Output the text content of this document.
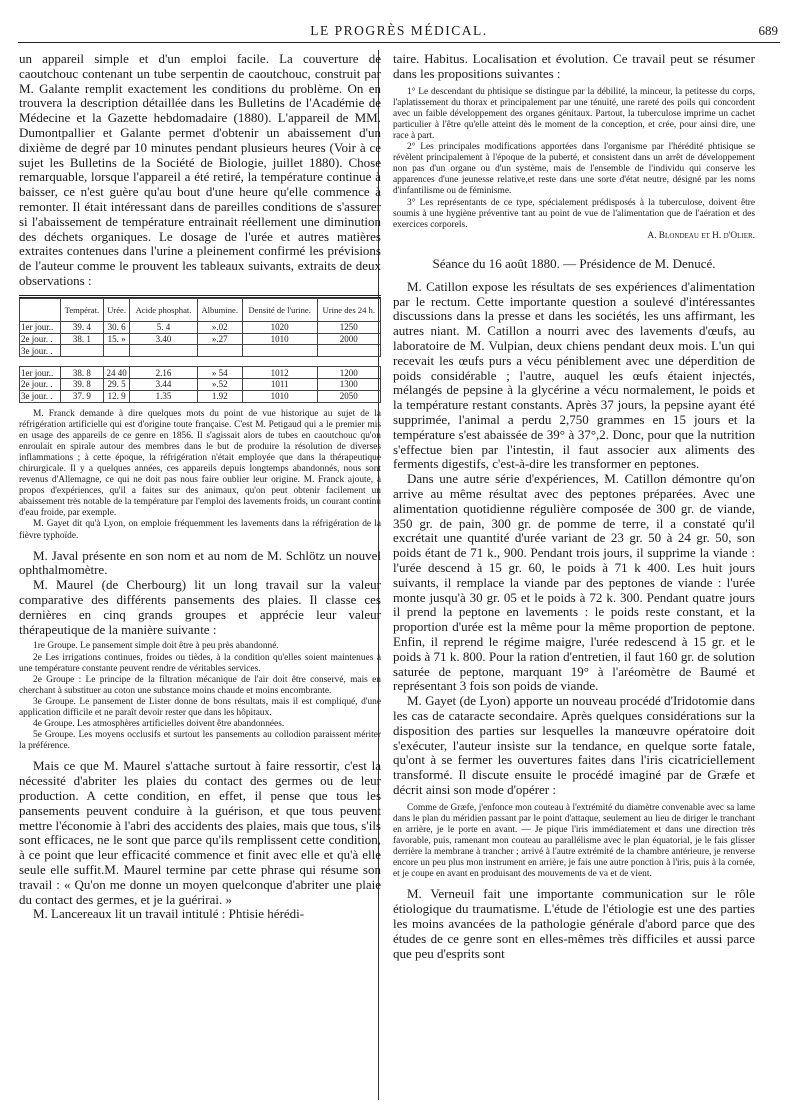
LE PROGRÈS MÉDICAL.	689

un appareil simple et d'un emploi facile. La couverture de caoutchouc contenant un tube serpentin de caoutchouc, construit par M. Galante remplit exactement les conditions du problème. On en trouvera la description détaillée dans les Bulletins de l'Académie de Médecine et la Gazette hebdomadaire (1880). L'appareil de MM. Dumontpallier et Galante permet d'obtenir un abaissement d'un dixième de degré par 10 minutes pendant plusieurs heures (Voir à ce sujet les Bulletins de la Société de Biologie, juillet 1880). Chose remarquable, lorsque l'appareil a été retiré, la température continue à baisser, ce n'est guère qu'au bout d'une heure qu'elle commence à remonter. Il était intéressant dans de pareilles conditions de s'assurer si l'abaissement de température entrainait réellement une diminution des déchets organiques. Le dosage de l'urée et autres matières extraites contenues dans l'urine a pleinement confirmé les prévisions de l'auteur comme le prouvent les tableaux suivants, extraits de deux observations :

	Températ.	Urée.	Acide phosphat.	Albumine.	Densité de l'urine.	Urine des 24 h.
1er jour..	39. 4	30. 6	5. 4	».02	1020	1250
2e jour. .	38. 1	15. »	3.40	».27	1010	2000
3e jour. .						

1er jour..	38. 8	24 40	2.16	» 54	1012	1200
2e jour. .	39. 8	29. 5	3.44	».52	1011	1300
3e jour. .	37. 9	12. 9	1.35	1.92	1010	2050

M. Franck demande à dire quelques mots du point de vue historique au sujet de la réfrigération artificielle qui est d'origine toute française. C'est M. Petigaud qui a le premier mis en usage des appareils de ce genre en 1856. Il s'agissait alors de tubes en caoutchouc qu'on enroulait en spirale autour des membres dans le but de produire la résolution de diverses inflammations ; à cette époque, la réfrigération n'était employée que dans la thérapeutique chirurgicale. Il y a quelques années, ces appareils depuis longtemps abandonnés, nous sont revenus d'Allemagne, ce qui ne doit pas nous faire oublier leur origine. M. Franck ajoute, à propos d'expériences, qu'il a faites sur des animaux, qu'on peut obtenir facilement un abaissement très notable de la température par l'emploi des lavements froids, un courant continu d'eau froide, par exemple.

M. Gayet dit qu'à Lyon, on emploie fréquemment les lavements dans la réfrigération de la fièvre typhoïde.

M. Javal présente en son nom et au nom de M. Schlötz un nouvel ophthalmomètre.

M. Maurel (de Cherbourg) lit un long travail sur la valeur comparative des différents pansements des plaies. Il classe ces dernières en cinq grands groupes et apprécie leur valeur thérapeutique de la manière suivante :

1re Groupe. Le pansement simple doit être à peu près abandonné.

2e Les irrigations continues, froides ou tièdes, à la condition qu'elles soient maintenues à une température constante peuvent rendre de véritables services.

2e Groupe : Le principe de la filtration mécanique de l'air doit être conservé, mais en cherchant à substituer au coton une substance moins chaude et moins encombrante.

3e Groupe. Le pansement de Lister donne de bons résultats, mais il est compliqué, d'une application difficile et ne paraît devoir rester que dans les hôpitaux.

4e Groupe. Les atmosphères artificielles doivent être abandonnées.

5e Groupe. Les moyens occlusifs et surtout les pansements au collodion paraissent mériter la préférence.

Mais ce que M. Maurel s'attache surtout à faire ressortir, c'est la nécessité d'abriter les plaies du contact des germes ou de leur production. A cette condition, en effet, il pense que tous les pansements peuvent conduire à la guérison, et que tous peuvent mettre l'économie à l'abri des accidents des plaies, mais que tous, s'ils sont efficaces, ne le sont que parce qu'ils remplissent cette condition, à ce point que leur efficacité commence et finit avec elle et qu'à elle seule elle suffit.M. Maurel termine par cette phrase qui résume son travail : « Qu'on me donne un moyen quelconque d'abriter une plaie du contact des germes, et je la guérirai. »

M. Lancereaux lit un travail intitulé : Phtisie hérédi-

taire. Habitus. Localisation et évolution. Ce travail peut se résumer dans les propositions suivantes :

1° Le descendant du phtisique se distingue par la débilité, la minceur, la petitesse du corps, l'aplatissement du thorax et principalement par une ténuité, une rareté des poils qui concordent avec un faible développement des organes génitaux. Partout, la tuberculose imprime un cachet particulier à l'être qu'elle atteint dès le moment de la conception, et crée, pour ainsi dire, une race à part.

2° Les principales modifications apportées dans l'organisme par l'hérédité phtisique se révèlent principalement à l'époque de la puberté, et consistent dans un arrêt de développement non pas d'un organe ou d'un système, mais de l'ensemble de l'individu qui conserve les apparences d'une jeunesse relative,et reste dans une sorte d'état neutre, désigné par les noms d'infantilisme ou de féminisme.

3° Les représentants de ce type, spécialement prédisposés à la tuberculose, doivent être soumis à une hygiène préventive tant au point de vue de l'alimentation que de l'aération et des exercices corporels.

A. Blondeau et H. d'Olier.

Séance du 16 août 1880. — Présidence de M. Denucé.

M. Catillon expose les résultats de ses expériences d'alimentation par le rectum. Cette importante question a soulevé d'intéressantes discussions dans la presse et dans les sociétés, les uns affirmant, les autres niant. M. Catillon a nourri avec des lavements d'œufs, au laboratoire de M. Vulpian, deux chiens pendant deux mois. L'un qui recevait les œufs purs a vécu péniblement avec une déperdition de poids considérable ; l'autre, auquel les œufs étaient injectés, mélangés de pepsine à la glycérine a vécu normalement, le poids et la température restant constants. Après 37 jours, la pepsine ayant été supprimée, l'animal a perdu 2,750 grammes en 15 jours et la température s'est abaissée de 39° à 37°,2. Donc, pour que la nutrition s'effectue bien par l'intestin, il faut associer aux aliments des ferments digestifs, c'est-à-dire les transformer en peptones.

Dans une autre série d'expériences, M. Catillon démontre qu'on arrive au même résultat avec des peptones préparées. Avec une alimentation quotidienne régulière composée de 300 gr. de viande, 350 gr. de pain, 300 gr. de pomme de terre, il a constaté qu'il excrétait une quantité d'urée variant de 23 gr. 50 à 24 gr. 50, son poids étant de 71 k., 900. Pendant trois jours, il supprime la viande : l'urée descend à 15 gr. 60, le poids à 71 k 400. Les huit jours suivants, il remplace la viande par des peptones de viande : l'urée monte jusqu'à 30 gr. 05 et le poids à 72 k. 300. Pendant quatre jours il prend la peptone en lavements : le poids reste constant, et la proportion d'urée est la même pour la même proportion de peptone. Enfin, il reprend le régime maigre, l'urée redescend à 15 gr. et le poids à 71 k. 800. Pour la ration d'entretien, il faut 160 gr. de solution saturée de peptone, marquant 19° à l'aréomètre de Baumé et représentant 3 fois son poids de viande.

M. Gayet (de Lyon) apporte un nouveau procédé d'Iridotomie dans les cas de cataracte secondaire. Après quelques considérations sur la disposition des parties sur lesquelles la manœuvre opératoire doit s'exécuter, l'auteur insiste sur la tendance, en quelque sorte fatale, qu'ont à se fermer les ouvertures faites dans l'iris cicatriciellement transformé. Il discute ensuite le procédé imaginé par de Græfe et décrit ainsi son mode d'opérer :

Comme de Græfe, j'enfonce mon couteau à l'extrémité du diamètre convenable avec sa lame dans le plan du méridien passant par le point d'attaque, seulement au lieu de diriger le tranchant en arrière, je le porte en avant. — Je pique l'iris immédiatement et dans une direction très favorable, puis, ramenant mon couteau au parallélisme avec le plan équatorial, je le fais glisser derrière la membrane à trancher ; arrivé à l'autre extrémité de la chambre antérieure, je renverse encore un peu plus mon instrument en arrière, je fais une autre ponction à l'iris, puis à la cornée, et je coupe en avant en produisant des mouvements de va et de vient.

M. Verneuil fait une importante communication sur le rôle étiologique du traumatisme. L'étude de l'étiologie est une des parties les moins avancées de la pathologie générale d'abord parce que des études de ce genre sont en elles-mêmes très difficiles et aussi parce que peu d'esprits sont
